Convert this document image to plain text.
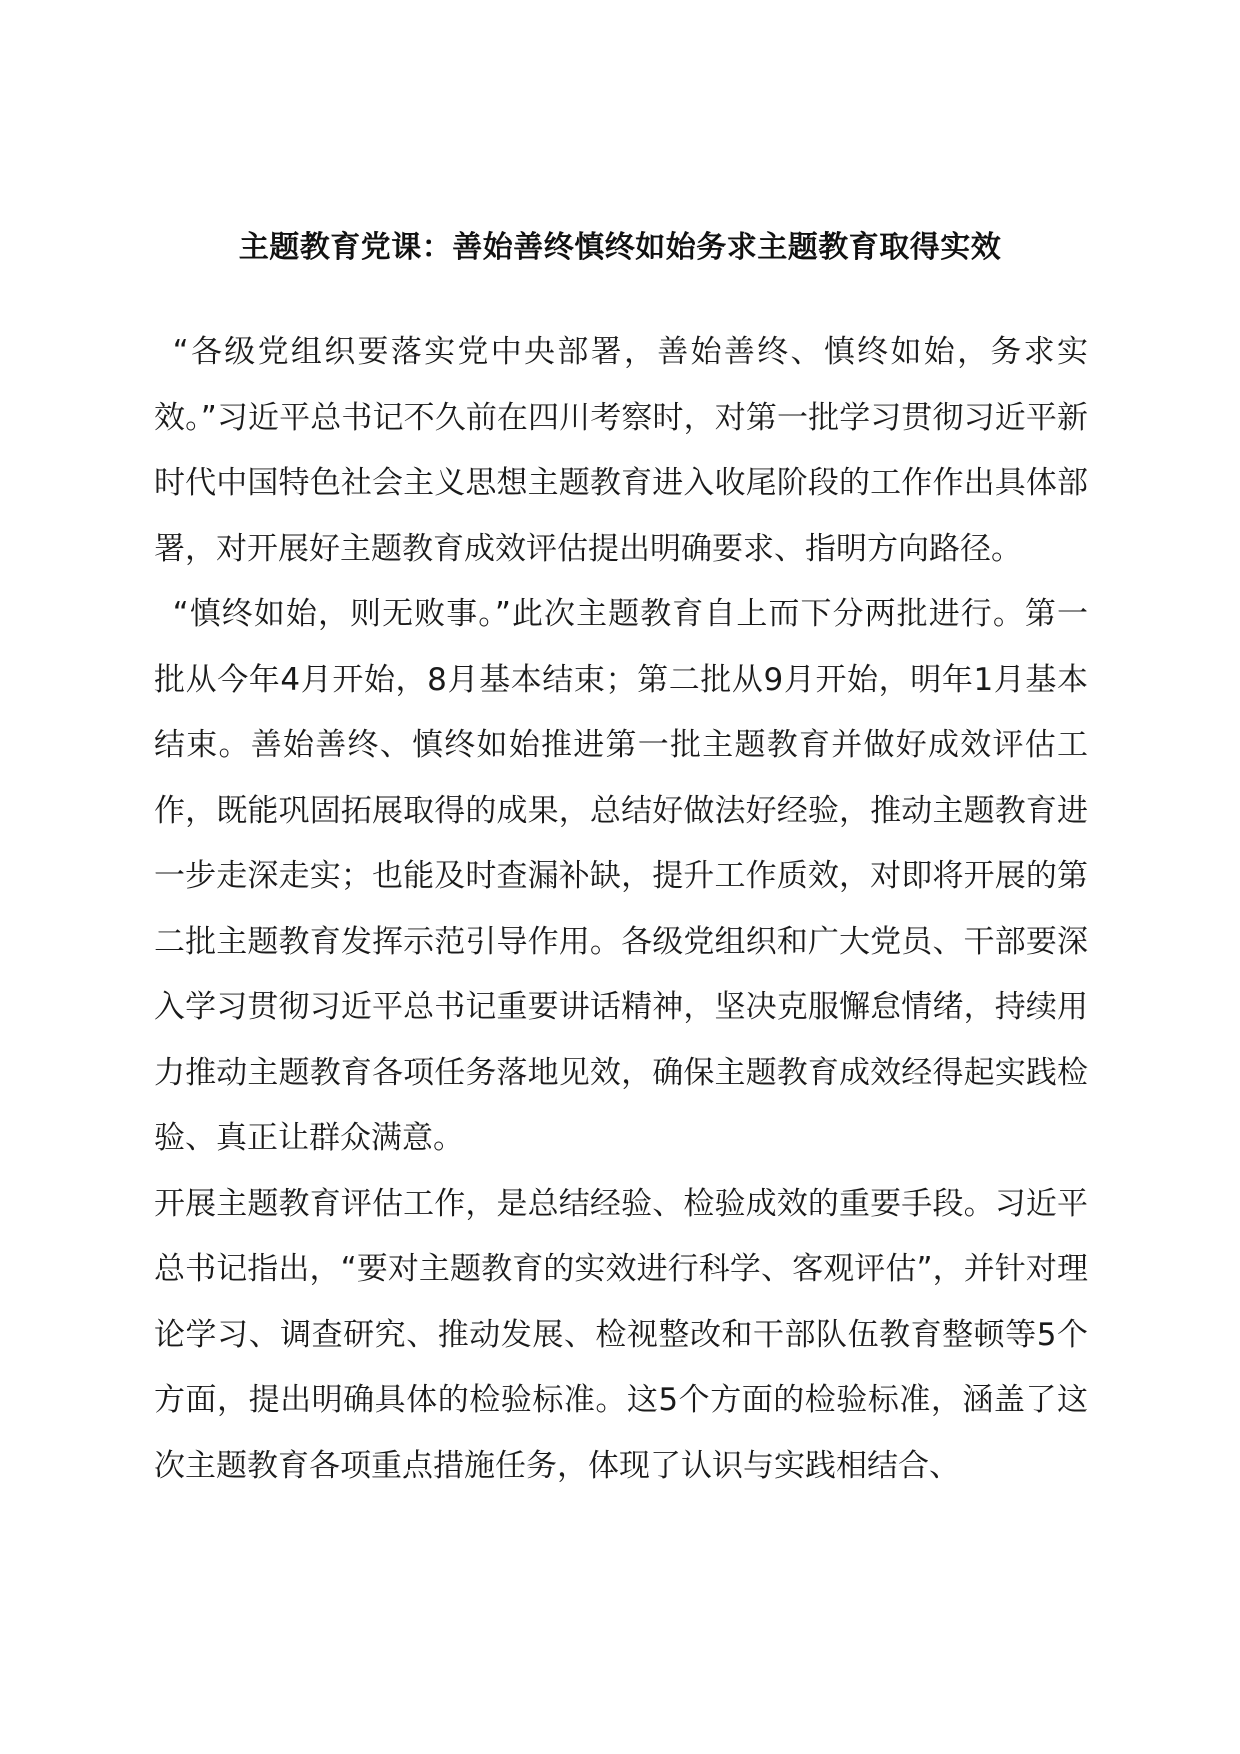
主题教育党课：善始善终慎终如始务求主题教育取得实效

“各级党组织要落实党中央部署，善始善终、慎终如始，务求实效。”习近平总书记不久前在四川考察时，对第一批学习贯彻习近平新时代中国特色社会主义思想主题教育进入收尾阶段的工作作出具体部署，对开展好主题教育成效评估提出明确要求、指明方向路径。

“慎终如始，则无败事。”此次主题教育自上而下分两批进行。第一批从今年4月开始，8月基本结束；第二批从9月开始，明年1月基本结束。善始善终、慎终如始推进第一批主题教育并做好成效评估工作，既能巩固拓展取得的成果，总结好做法好经验，推动主题教育进一步走深走实；也能及时查漏补缺，提升工作质效，对即将开展的第二批主题教育发挥示范引导作用。各级党组织和广大党员、干部要深入学习贯彻习近平总书记重要讲话精神，坚决克服懈怠情绪，持续用力推动主题教育各项任务落地见效，确保主题教育成效经得起实践检验、真正让群众满意。

开展主题教育评估工作，是总结经验、检验成效的重要手段。习近平总书记指出，“要对主题教育的实效进行科学、客观评估”，并针对理论学习、调查研究、推动发展、检视整改和干部队伍教育整顿等5个方面，提出明确具体的检验标准。这5个方面的检验标准，涵盖了这次主题教育各项重点措施任务，体现了认识与实践相结合、
